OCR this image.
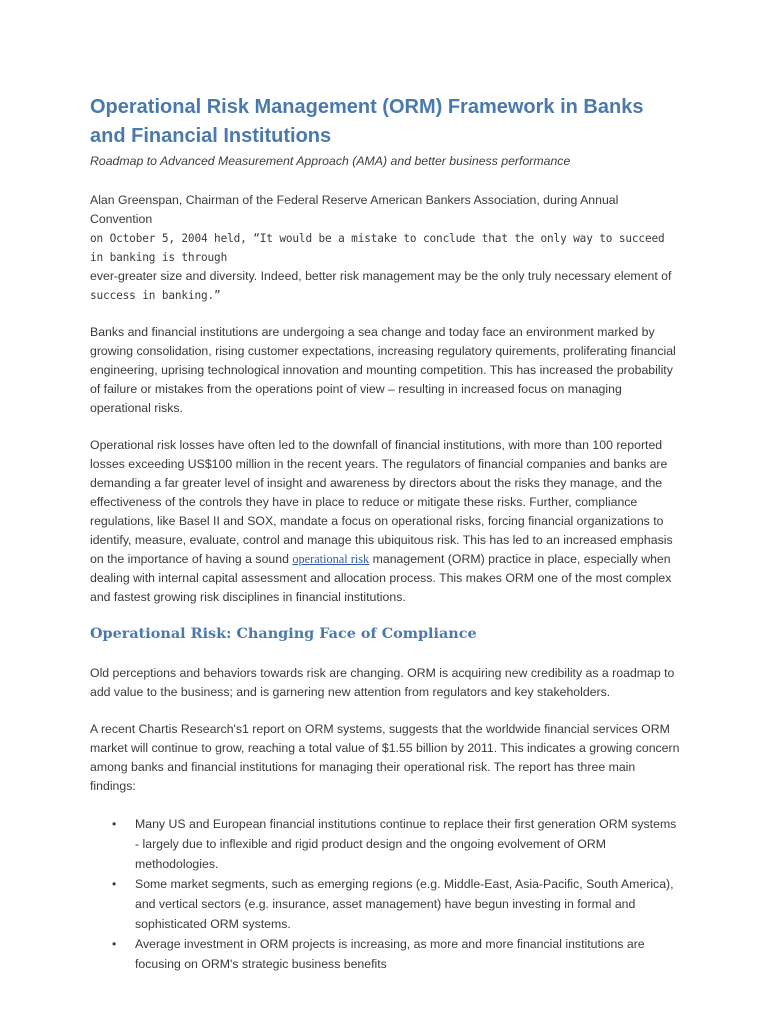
Operational Risk Management (ORM) Framework in Banks and Financial Institutions
Roadmap to Advanced Measurement Approach (AMA) and better business performance

Alan Greenspan, Chairman of the Federal Reserve American Bankers Association, during Annual Convention
on October 5, 2004 held, “It would be a mistake to conclude that the only way to succeed in banking is through
ever-greater size and diversity. Indeed, better risk management may be the only truly necessary element of
success in banking.”

Banks and financial institutions are undergoing a sea change and today face an environment marked by growing consolidation, rising customer expectations, increasing regulatory quirements, proliferating financial engineering, uprising technological innovation and mounting competition. This has increased the probability of failure or mistakes from the operations point of view – resulting in increased focus on managing operational risks.

Operational risk losses have often led to the downfall of financial institutions, with more than 100 reported losses exceeding US$100 million in the recent years. The regulators of financial companies and banks are demanding a far greater level of insight and awareness by directors about the risks they manage, and the effectiveness of the controls they have in place to reduce or mitigate these risks. Further, compliance regulations, like Basel II and SOX, mandate a focus on operational risks, forcing financial organizations to identify, measure, evaluate, control and manage this ubiquitous risk. This has led to an increased emphasis on the importance of having a sound operational risk management (ORM) practice in place, especially when dealing with internal capital assessment and allocation process. This makes ORM one of the most complex and fastest growing risk disciplines in financial institutions.

Operational Risk: Changing Face of Compliance

Old perceptions and behaviors towards risk are changing. ORM is acquiring new credibility as a roadmap to add value to the business; and is garnering new attention from regulators and key stakeholders.

A recent Chartis Research's1 report on ORM systems, suggests that the worldwide financial services ORM market will continue to grow, reaching a total value of $1.55 billion by 2011. This indicates a growing concern among banks and financial institutions for managing their operational risk. The report has three main findings:

• Many US and European financial institutions continue to replace their first generation ORM systems - largely due to inflexible and rigid product design and the ongoing evolvement of ORM methodologies.
• Some market segments, such as emerging regions (e.g. Middle-East, Asia-Pacific, South America), and vertical sectors (e.g. insurance, asset management) have begun investing in formal and sophisticated ORM systems.
• Average investment in ORM projects is increasing, as more and more financial institutions are focusing on ORM's strategic business benefits
